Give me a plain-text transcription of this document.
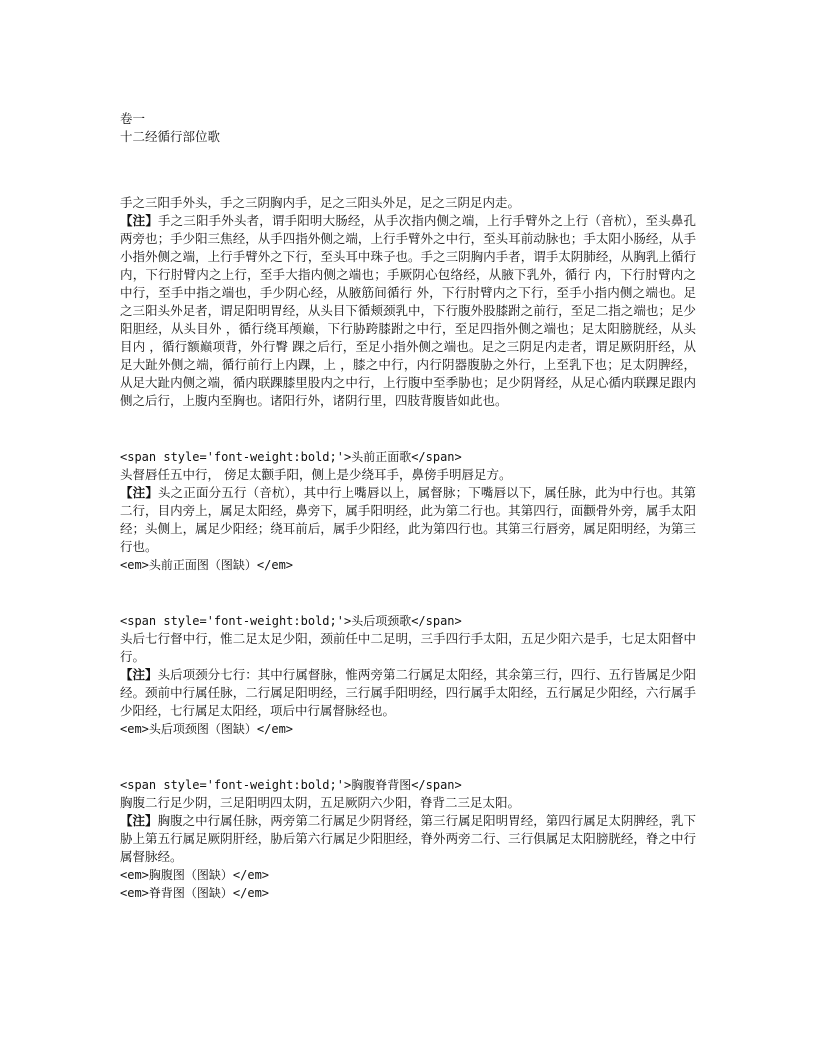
卷一
十二经循行部位歌

手之三阳手外头，手之三阴胸内手，足之三阳头外足，足之三阴足内走。

【注】手之三阳手外头者，谓手阳明大肠经，从手次指内侧之端，上行手臂外之上行（音杭），至头鼻孔两旁也；手少阳三焦经，从手四指外侧之端，上行手臂外之中行，至头耳前动脉也；手太阳小肠经，从手小指外侧之端，上行手臂外之下行，至头耳中珠子也。手之三阴胸内手者，谓手太阴肺经，从胸乳上循行 内，下行肘臂内之上行，至手大指内侧之端也；手厥阴心包络经，从腋下乳外，循行 内，下行肘臂内之中行，至手中指之端也，手少阴心经，从腋筋间循行 外，下行肘臂内之下行，至手小指内侧之端也。足之三阳头外足者，谓足阳明胃经，从头目下循颊颈乳中，下行腹外股膝跗之前行，至足二指之端也；足少阳胆经，从头目外 ，循行绕耳颅巅，下行胁跨膝跗之中行，至足四指外侧之端也；足太阳膀胱经，从头目内 ，循行额巅项背，外行臀 踝之后行，至足小指外侧之端也。足之三阴足内走者，谓足厥阴肝经，从足大趾外侧之端，循行前行上内踝，上 ，膝之中行，内行阴器腹胁之外行，上至乳下也；足太阴脾经，从足大趾内侧之端，循内联踝膝里股内之中行，上行腹中至季胁也；足少阴肾经，从足心循内联踝足跟内侧之后行，上腹内至胸也。诸阳行外，诸阴行里，四肢背腹皆如此也。

<span style='font-weight:bold;'>头前正面歌</span>

头督唇任五中行， 傍足太颧手阳，侧上是少绕耳手，鼻傍手明唇足方。

【注】头之正面分五行（音杭），其中行上嘴唇以上，属督脉；下嘴唇以下，属任脉，此为中行也。其第二行，目内旁上，属足太阳经，鼻旁下，属手阳明经，此为第二行也。其第四行，面颧骨外旁，属手太阳经；头侧上，属足少阳经；绕耳前后，属手少阳经，此为第四行也。其第三行唇旁，属足阳明经，为第三行也。

<em>头前正面图（图缺）</em>
<span style='font-weight:bold;'>头后项颈歌</span>

头后七行督中行，惟二足太足少阳，颈前任中二足明，三手四行手太阳，五足少阳六是手，七足太阳督中行。

【注】头后项颈分七行：其中行属督脉，惟两旁第二行属足太阳经，其余第三行，四行、五行皆属足少阳经。颈前中行属任脉，二行属足阳明经，三行属手阳明经，四行属手太阳经，五行属足少阳经，六行属手少阳经，七行属足太阳经，项后中行属督脉经也。

<em>头后项颈图（图缺）</em>
<span style='font-weight:bold;'>胸腹脊背图</span>

胸腹二行足少阴，三足阳明四太阴，五足厥阴六少阳，脊背二三足太阳。

【注】胸腹之中行属任脉，两旁第二行属足少阴肾经，第三行属足阳明胃经，第四行属足太阴脾经，乳下胁上第五行属足厥阴肝经，胁后第六行属足少阳胆经，脊外两旁二行、三行俱属足太阳膀胱经，脊之中行属督脉经。

<em>胸腹图（图缺）</em>
<em>脊背图（图缺）</em>
